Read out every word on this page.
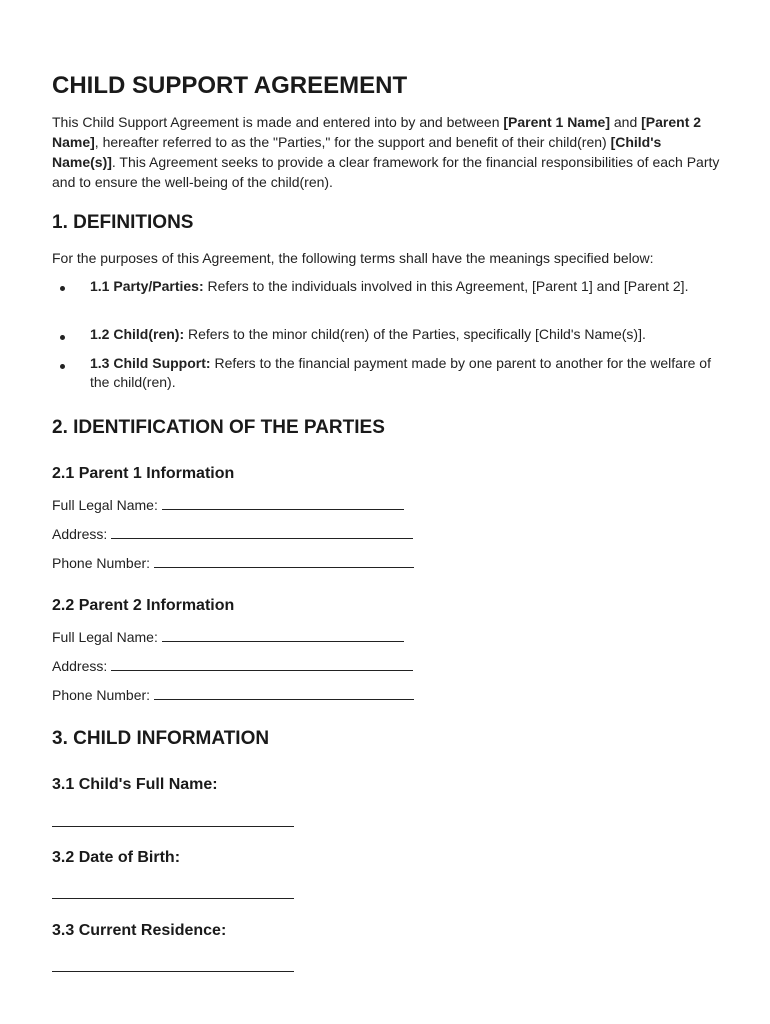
CHILD SUPPORT AGREEMENT
This Child Support Agreement is made and entered into by and between [Parent 1 Name] and [Parent 2 Name], hereafter referred to as the "Parties," for the support and benefit of their child(ren) [Child's Name(s)]. This Agreement seeks to provide a clear framework for the financial responsibilities of each Party and to ensure the well-being of the child(ren).
1. DEFINITIONS
For the purposes of this Agreement, the following terms shall have the meanings specified below:
1.1 Party/Parties: Refers to the individuals involved in this Agreement, [Parent 1] and [Parent 2].
1.2 Child(ren): Refers to the minor child(ren) of the Parties, specifically [Child's Name(s)].
1.3 Child Support: Refers to the financial payment made by one parent to another for the welfare of the child(ren).
2. IDENTIFICATION OF THE PARTIES
2.1 Parent 1 Information
Full Legal Name:
Address:
Phone Number:
2.2 Parent 2 Information
Full Legal Name:
Address:
Phone Number:
3. CHILD INFORMATION
3.1 Child's Full Name:
3.2 Date of Birth:
3.3 Current Residence:
